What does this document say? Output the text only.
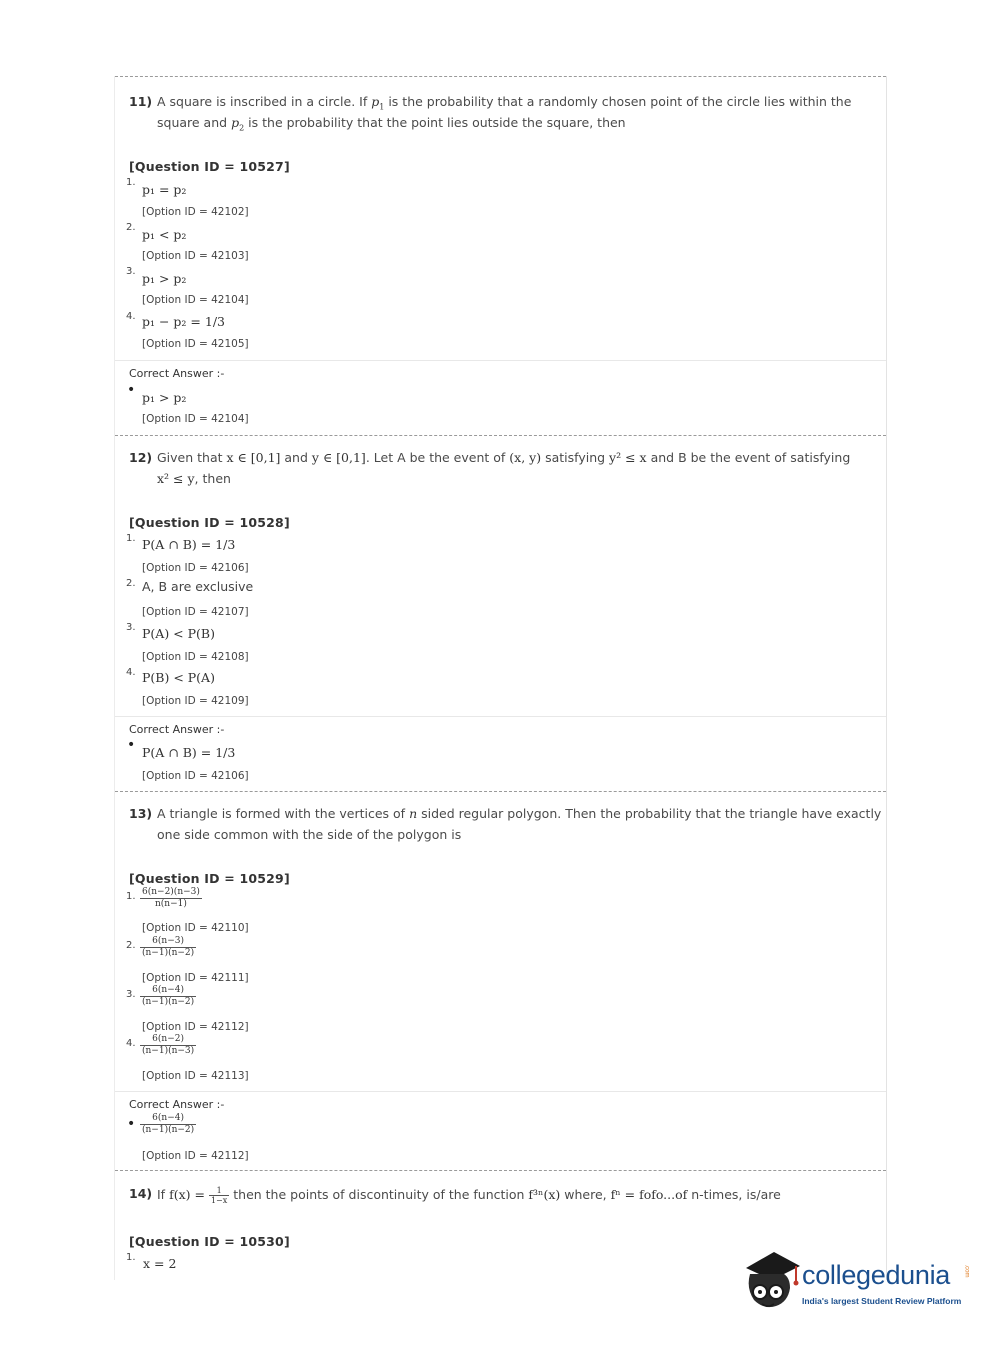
11) A square is inscribed in a circle. If $p_1$ is the probability that a randomly chosen point of the circle lies within the
square and $p_2$ is the probability that the point lies outside the square, then
[Question ID = 10527]
1. p₁ = p₂
[Option ID = 42102]
2. p₁ < p₂
[Option ID = 42103]
3. p₁ > p₂
[Option ID = 42104]
4. p₁ − p₂ = 1/3
[Option ID = 42105]
Correct Answer :-
• p₁ > p₂
[Option ID = 42104]
12) Given that x ∈ [0,1] and y ∈ [0,1]. Let A be the event of (x, y) satisfying y² ≤ x and B be the event of satisfying
x² ≤ y, then
[Question ID = 10528]
1. P(A ∩ B) = 1/3
[Option ID = 42106]
2. A, B are exclusive
[Option ID = 42107]
3. P(A) < P(B)
[Option ID = 42108]
4. P(B) < P(A)
[Option ID = 42109]
Correct Answer :-
• P(A ∩ B) = 1/3
[Option ID = 42106]
13) A triangle is formed with the vertices of n sided regular polygon. Then the probability that the triangle have exactly
one side common with the side of the polygon is
[Question ID = 10529]
1. $\frac{6(n-2)(n-3)}{n(n-1)}$
[Option ID = 42110]
2. $\frac{6(n-3)}{(n-1)(n-2)}$
[Option ID = 42111]
3. $\frac{6(n-4)}{(n-1)(n-2)}$
[Option ID = 42112]
4. $\frac{6(n-2)}{(n-1)(n-3)}$
[Option ID = 42113]
Correct Answer :-
• $\frac{6(n-4)}{(n-1)(n-2)}$
[Option ID = 42112]
14) If $f(x) = \frac{1}{1-x}$ then the points of discontinuity of the function f³ⁿ(x) where, fⁿ = fofo...of n-times, is/are
[Question ID = 10530]
1. x = 2	collegedunia .com
India's largest Student Review Platform
